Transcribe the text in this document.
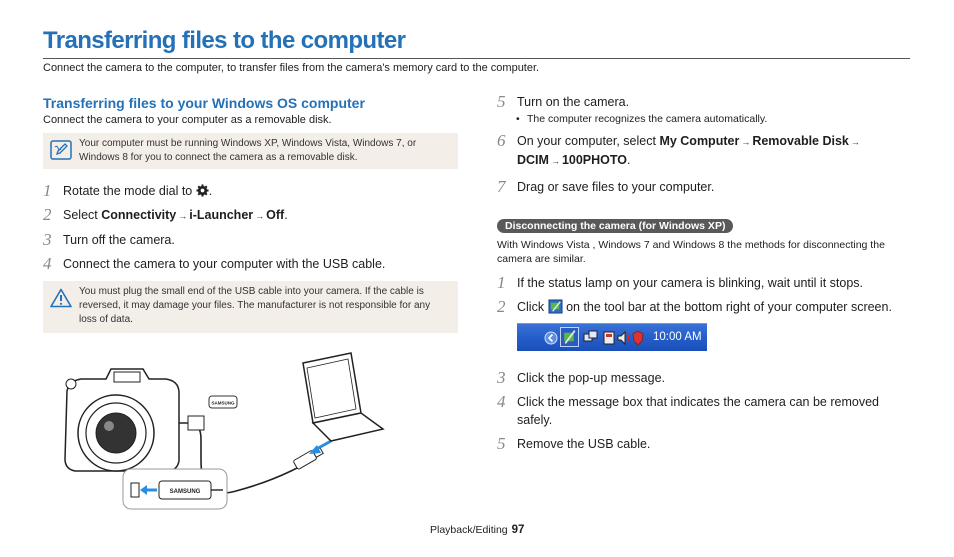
Transferring files to the computer
Connect the camera to the computer, to transfer files from the camera's memory card to the computer.
Transferring files to your Windows OS computer
Connect the camera to your computer as a removable disk.
Your computer must be running Windows XP, Windows Vista, Windows 7, or Windows 8 for you to connect the camera as a removable disk.
1 Rotate the mode dial to .
2 Select Connectivity → i-Launcher → Off.
3 Turn off the camera.
4 Connect the camera to your computer with the USB cable.
You must plug the small end of the USB cable into your camera. If the cable is reversed, it may damage your files. The manufacturer is not responsible for any loss of data.
SAMSUNG
SAMSUNG
5 Turn on the camera.
• The computer recognizes the camera automatically.
6 On your computer, select My Computer → Removable Disk →
DCIM → 100PHOTO.
7 Drag or save files to your computer.
Disconnecting the camera (for Windows XP)
With Windows Vista , Windows 7 and Windows 8 the methods for disconnecting the camera are similar.
1 If the status lamp on your camera is blinking, wait until it stops.
2 Click on the tool bar at the bottom right of your computer screen.
10:00 AM
3 Click the pop-up message.
4 Click the message box that indicates the camera can be removed safely.
5 Remove the USB cable.
Playback/Editing 97
